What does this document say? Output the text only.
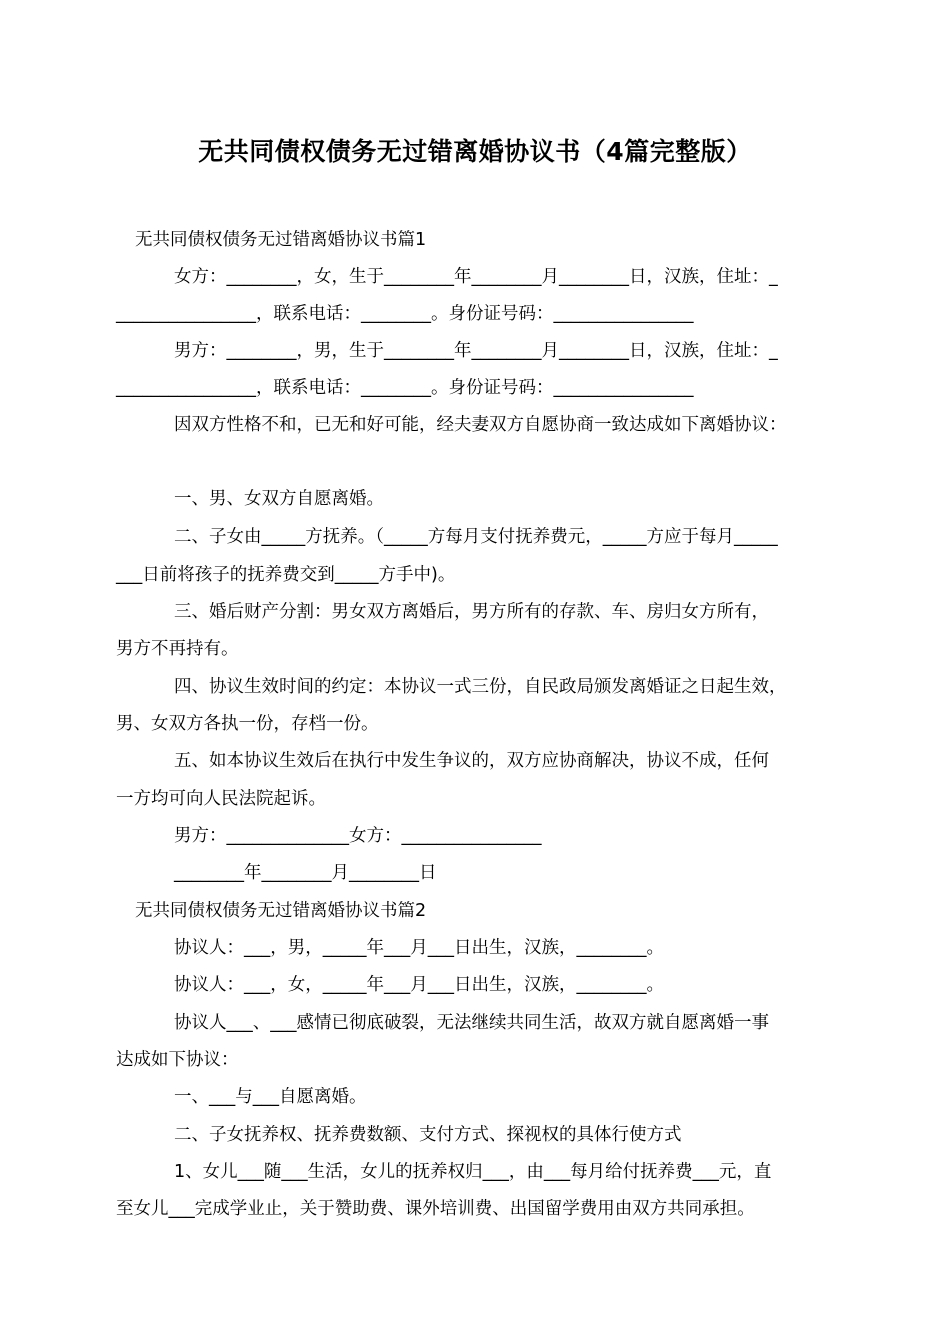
无共同债权债务无过错离婚协议书（4篇完整版）
无共同债权债务无过错离婚协议书篇1
女方：________，女，生于________年________月________日，汉族，住址：_
________________，联系电话：________。身份证号码：________________
男方：________，男，生于________年________月________日，汉族，住址：_
________________，联系电话：________。身份证号码：________________
因双方性格不和，已无和好可能，经夫妻双方自愿协商一致达成如下离婚协议：
一、男、女双方自愿离婚。
二、子女由_____方抚养。（_____方每月支付抚养费元，_____方应于每月_____
___日前将孩子的抚养费交到_____方手中)。
三、婚后财产分割：男女双方离婚后，男方所有的存款、车、房归女方所有，
男方不再持有。
四、协议生效时间的约定：本协议一式三份，自民政局颁发离婚证之日起生效，
男、女双方各执一份，存档一份。
五、如本协议生效后在执行中发生争议的，双方应协商解决，协议不成，任何
一方均可向人民法院起诉。
男方：______________女方：________________
________年________月________日
无共同债权债务无过错离婚协议书篇2
协议人：___，男，_____年___月___日出生，汉族，________。
协议人：___，女，_____年___月___日出生，汉族，________。
协议人___、___感情已彻底破裂，无法继续共同生活，故双方就自愿离婚一事
达成如下协议：
一、___与___自愿离婚。
二、子女抚养权、抚养费数额、支付方式、探视权的具体行使方式
1、女儿___随___生活，女儿的抚养权归___，由___每月给付抚养费___元，直
至女儿___完成学业止，关于赞助费、课外培训费、出国留学费用由双方共同承担。
